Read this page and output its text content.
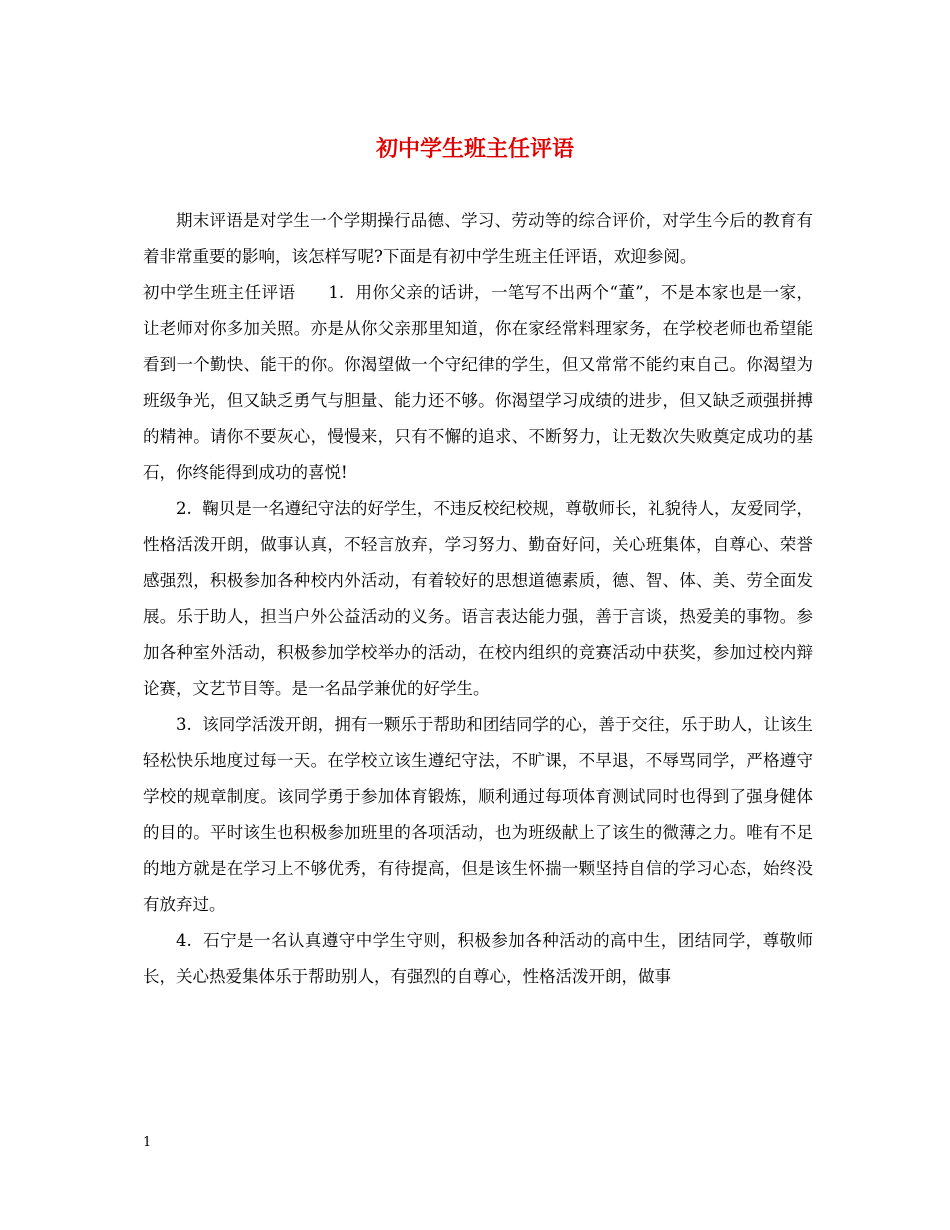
初中学生班主任评语

期末评语是对学生一个学期操行品德、学习、劳动等的综合评价，对学生今后的教育有着非常重要的影响，该怎样写呢?下面是有初中学生班主任评语，欢迎参阅。

初中学生班主任评语   1. 用你父亲的话讲，一笔写不出两个“董”，不是本家也是一家，让老师对你多加关照。亦是从你父亲那里知道，你在家经常料理家务，在学校老师也希望能看到一个勤快、能干的你。你渴望做一个守纪律的学生，但又常常不能约束自己。你渴望为班级争光，但又缺乏勇气与胆量、能力还不够。你渴望学习成绩的进步，但又缺乏顽强拼搏的精神。请你不要灰心，慢慢来，只有不懈的追求、不断努力，让无数次失败奠定成功的基石，你终能得到成功的喜悦!

2. 鞠贝是一名遵纪守法的好学生，不违反校纪校规，尊敬师长，礼貌待人，友爱同学，性格活泼开朗，做事认真，不轻言放弃，学习努力、勤奋好问，关心班集体，自尊心、荣誉感强烈，积极参加各种校内外活动，有着较好的思想道德素质，德、智、体、美、劳全面发展。乐于助人，担当户外公益活动的义务。语言表达能力强，善于言谈，热爱美的事物。参加各种室外活动，积极参加学校举办的活动，在校内组织的竞赛活动中获奖，参加过校内辩论赛，文艺节目等。是一名品学兼优的好学生。

3. 该同学活泼开朗，拥有一颗乐于帮助和团结同学的心，善于交往，乐于助人，让该生轻松快乐地度过每一天。在学校立该生遵纪守法，不旷课，不早退，不辱骂同学，严格遵守学校的规章制度。该同学勇于参加体育锻炼，顺利通过每项体育测试同时也得到了强身健体的目的。平时该生也积极参加班里的各项活动，也为班级献上了该生的微薄之力。唯有不足的地方就是在学习上不够优秀，有待提高，但是该生怀揣一颗坚持自信的学习心态，始终没有放弃过。

4. 石宁是一名认真遵守中学生守则，积极参加各种活动的高中生，团结同学，尊敬师长，关心热爱集体乐于帮助别人，有强烈的自尊心，性格活泼开朗，做事

1
